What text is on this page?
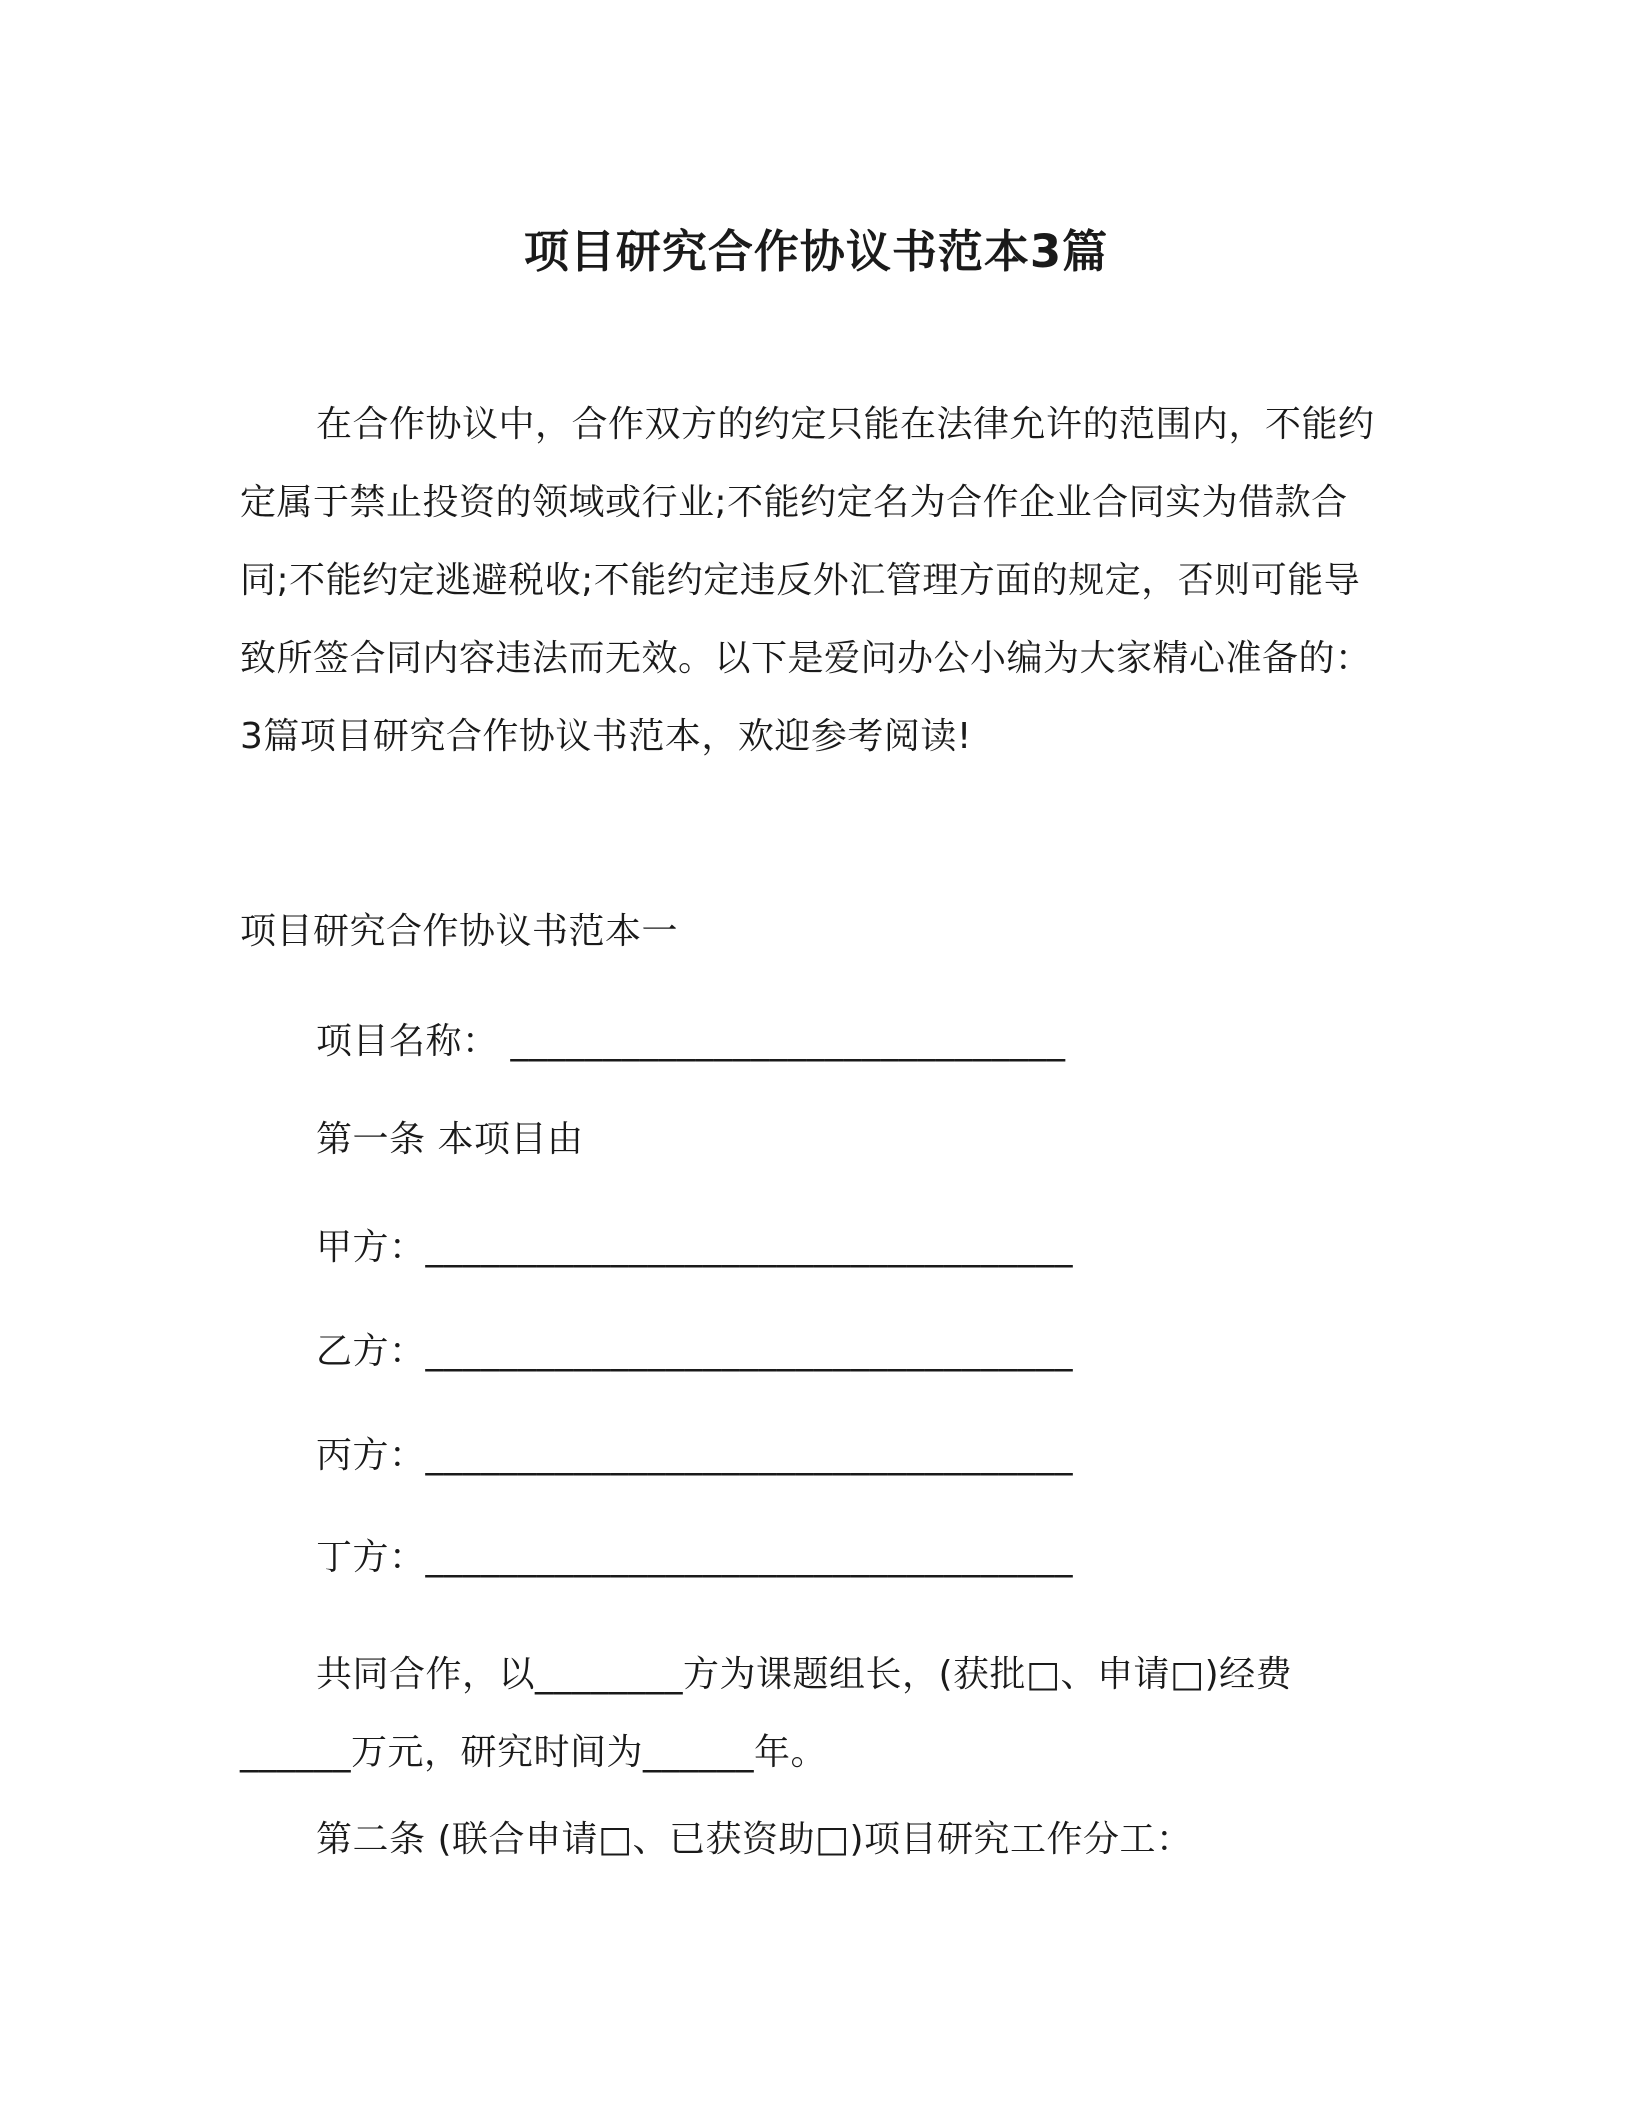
项目研究合作协议书范本3篇

在合作协议中，合作双方的约定只能在法律允许的范围内，不能约定属于禁止投资的领域或行业;不能约定名为合作企业合同实为借款合同;不能约定逃避税收;不能约定违反外汇管理方面的规定，否则可能导致所签合同内容违法而无效。以下是爱问办公小编为大家精心准备的：3篇项目研究合作协议书范本，欢迎参考阅读!

项目研究合作协议书范本一
项目名称： ______________________________
第一条 本项目由
甲方：___________________________________
乙方：___________________________________
丙方：___________________________________
丁方：___________________________________

共同合作，以________方为课题组长，(获批□、申请□)经费______万元，研究时间为______年。

第二条 (联合申请□、已获资助□)项目研究工作分工：
